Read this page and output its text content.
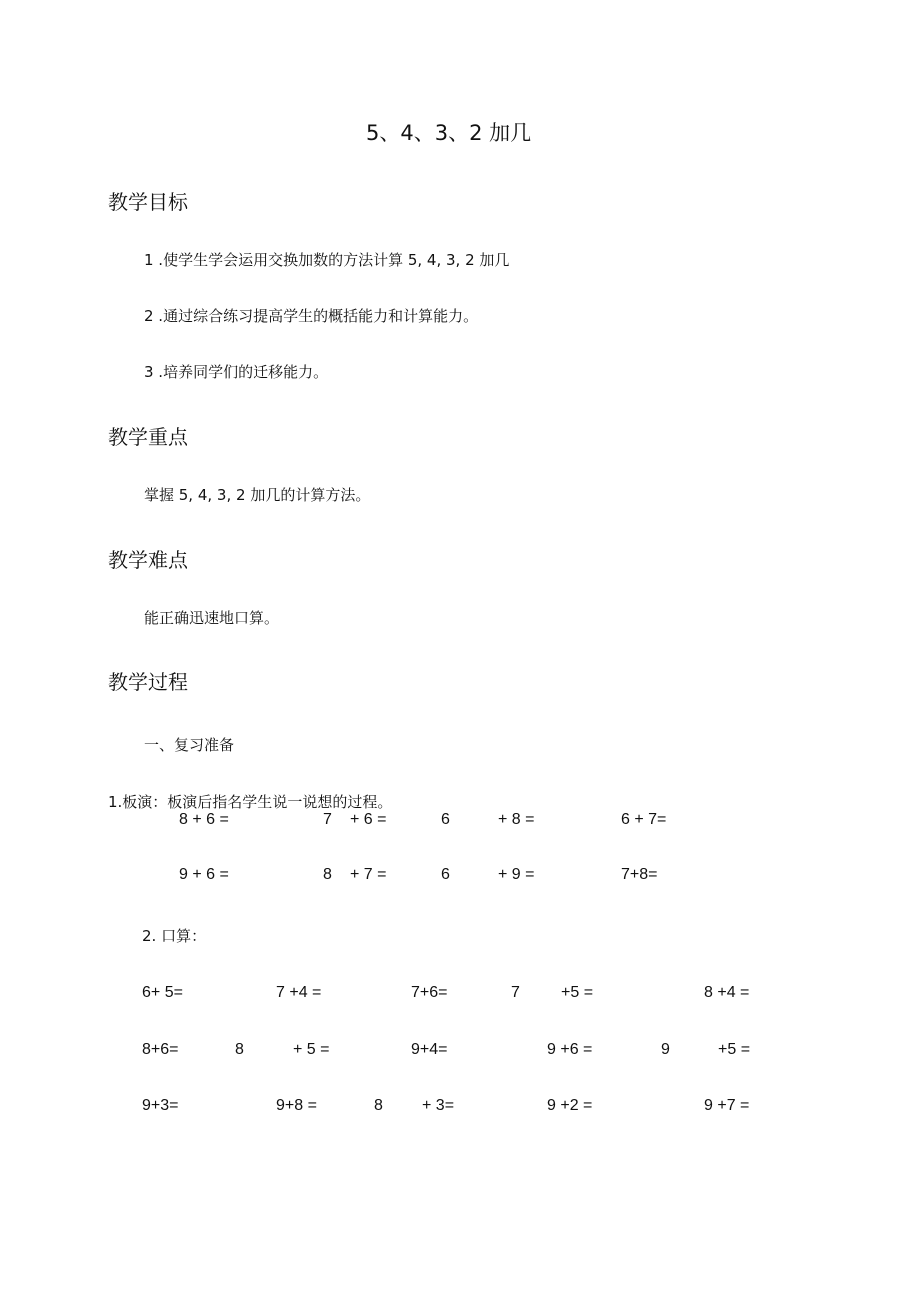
5、4、3、2 加几
教学目标
1 .使学生学会运用交换加数的方法计算 5, 4, 3, 2 加几
2 .通过综合练习提高学生的概括能力和计算能力。
3 .培养同学们的迁移能力。
教学重点
掌握 5, 4, 3, 2 加几的计算方法。
教学难点
能正确迅速地口算。
教学过程
一、复习准备
1.板演：板演后指名学生说一说想的过程。
8 + 6 =	7 + 6 =	6	+ 8 =	6 + 7=
9 + 6 =	8 + 7 =	6	+ 9 =	7+8=
2. 口算：
6+ 5=	7 +4 =	7+6=	7	+5 =	8 +4 =
8+6=	8	+ 5 =	9+4=	9 +6 =	9	+5 =
9+3=	9+8 =	8 + 3=	9 +2 =	9 +7 =
